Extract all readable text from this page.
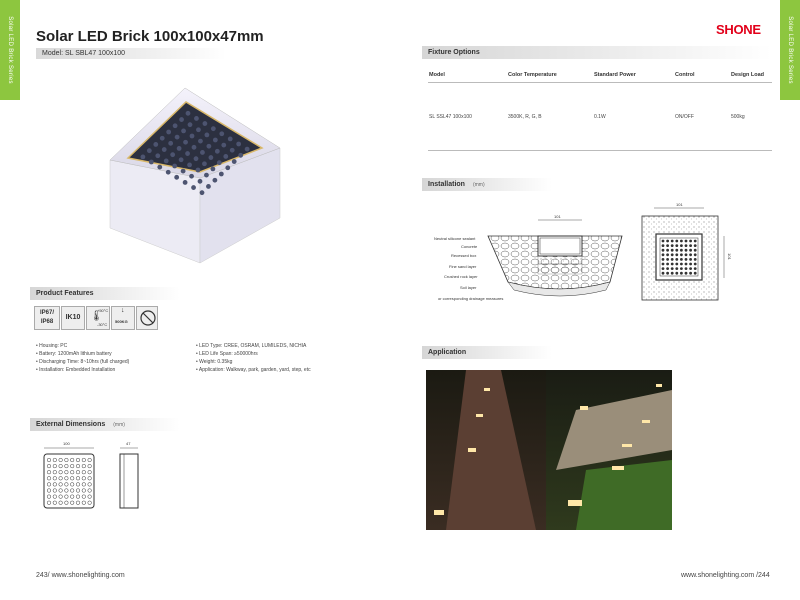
Solar LED Brick Series	Solar LED Brick Series
Solar LED Brick 100x100x47mm
Model: SL SBL47 100x100
SHONE
Product Features
IP67/
IP68
IK10 🌡
+50°C
-30°C
↓
500KG
• Housing: PC
• Battery: 1200mAh lithium battery
• Discharging Time: 8~10hrs (full charged)
• Installation: Embedded Installation
• LED Type: CREE, OSRAM, LUMILEDS, NICHIA
• LED Life Span: ≥50000hrs
• Weight: 0.35kg
• Application: Walkway, park, garden, yard, step, etc
External Dimensions (mm)
100	47
Fixture Options
Model	Color Temperature	Standard Power	Control	Design Load
SL SSL47 100x100	3500K, R, G, B	0.1W	ON/OFF	500kg
Installation (mm)
Neutral silicone sealant
Concrete
Recessed box
Fine sand layer
Crushed rock layer
Soil layer
or corresponding drainage measures
101
101
101
Application
243/ www.shonelighting.com	www.shonelighting.com /244
